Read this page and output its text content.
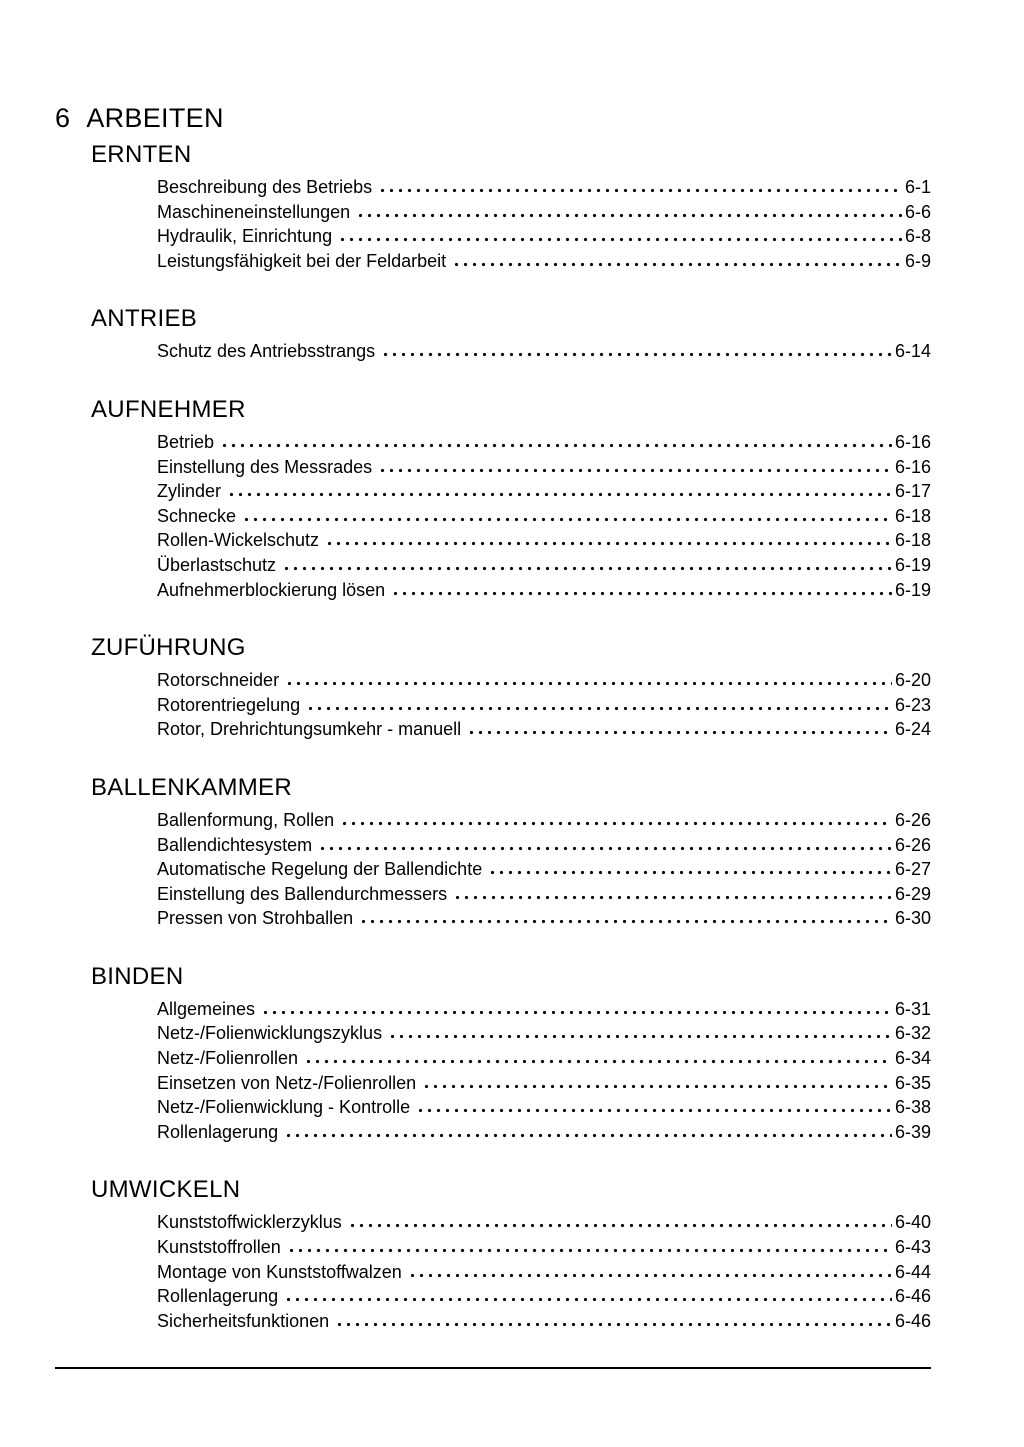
6 ARBEITEN
ERNTEN
Beschreibung des Betriebs	6-1
Maschineneinstellungen	6-6
Hydraulik, Einrichtung	6-8
Leistungsfähigkeit bei der Feldarbeit	6-9
ANTRIEB
Schutz des Antriebsstrangs	6-14
AUFNEHMER
Betrieb	6-16
Einstellung des Messrades	6-16
Zylinder	6-17
Schnecke	6-18
Rollen-Wickelschutz	6-18
Überlastschutz	6-19
Aufnehmerblockierung lösen	6-19
ZUFÜHRUNG
Rotorschneider	6-20
Rotorentriegelung	6-23
Rotor, Drehrichtungsumkehr - manuell	6-24
BALLENKAMMER
Ballenformung, Rollen	6-26
Ballendichtesystem	6-26
Automatische Regelung der Ballendichte	6-27
Einstellung des Ballendurchmessers	6-29
Pressen von Strohballen	6-30
BINDEN
Allgemeines	6-31
Netz-/Folienwicklungszyklus	6-32
Netz-/Folienrollen	6-34
Einsetzen von Netz-/Folienrollen	6-35
Netz-/Folienwicklung - Kontrolle	6-38
Rollenlagerung	6-39
UMWICKELN
Kunststoffwicklerzyklus	6-40
Kunststoffrollen	6-43
Montage von Kunststoffwalzen	6-44
Rollenlagerung	6-46
Sicherheitsfunktionen	6-46
